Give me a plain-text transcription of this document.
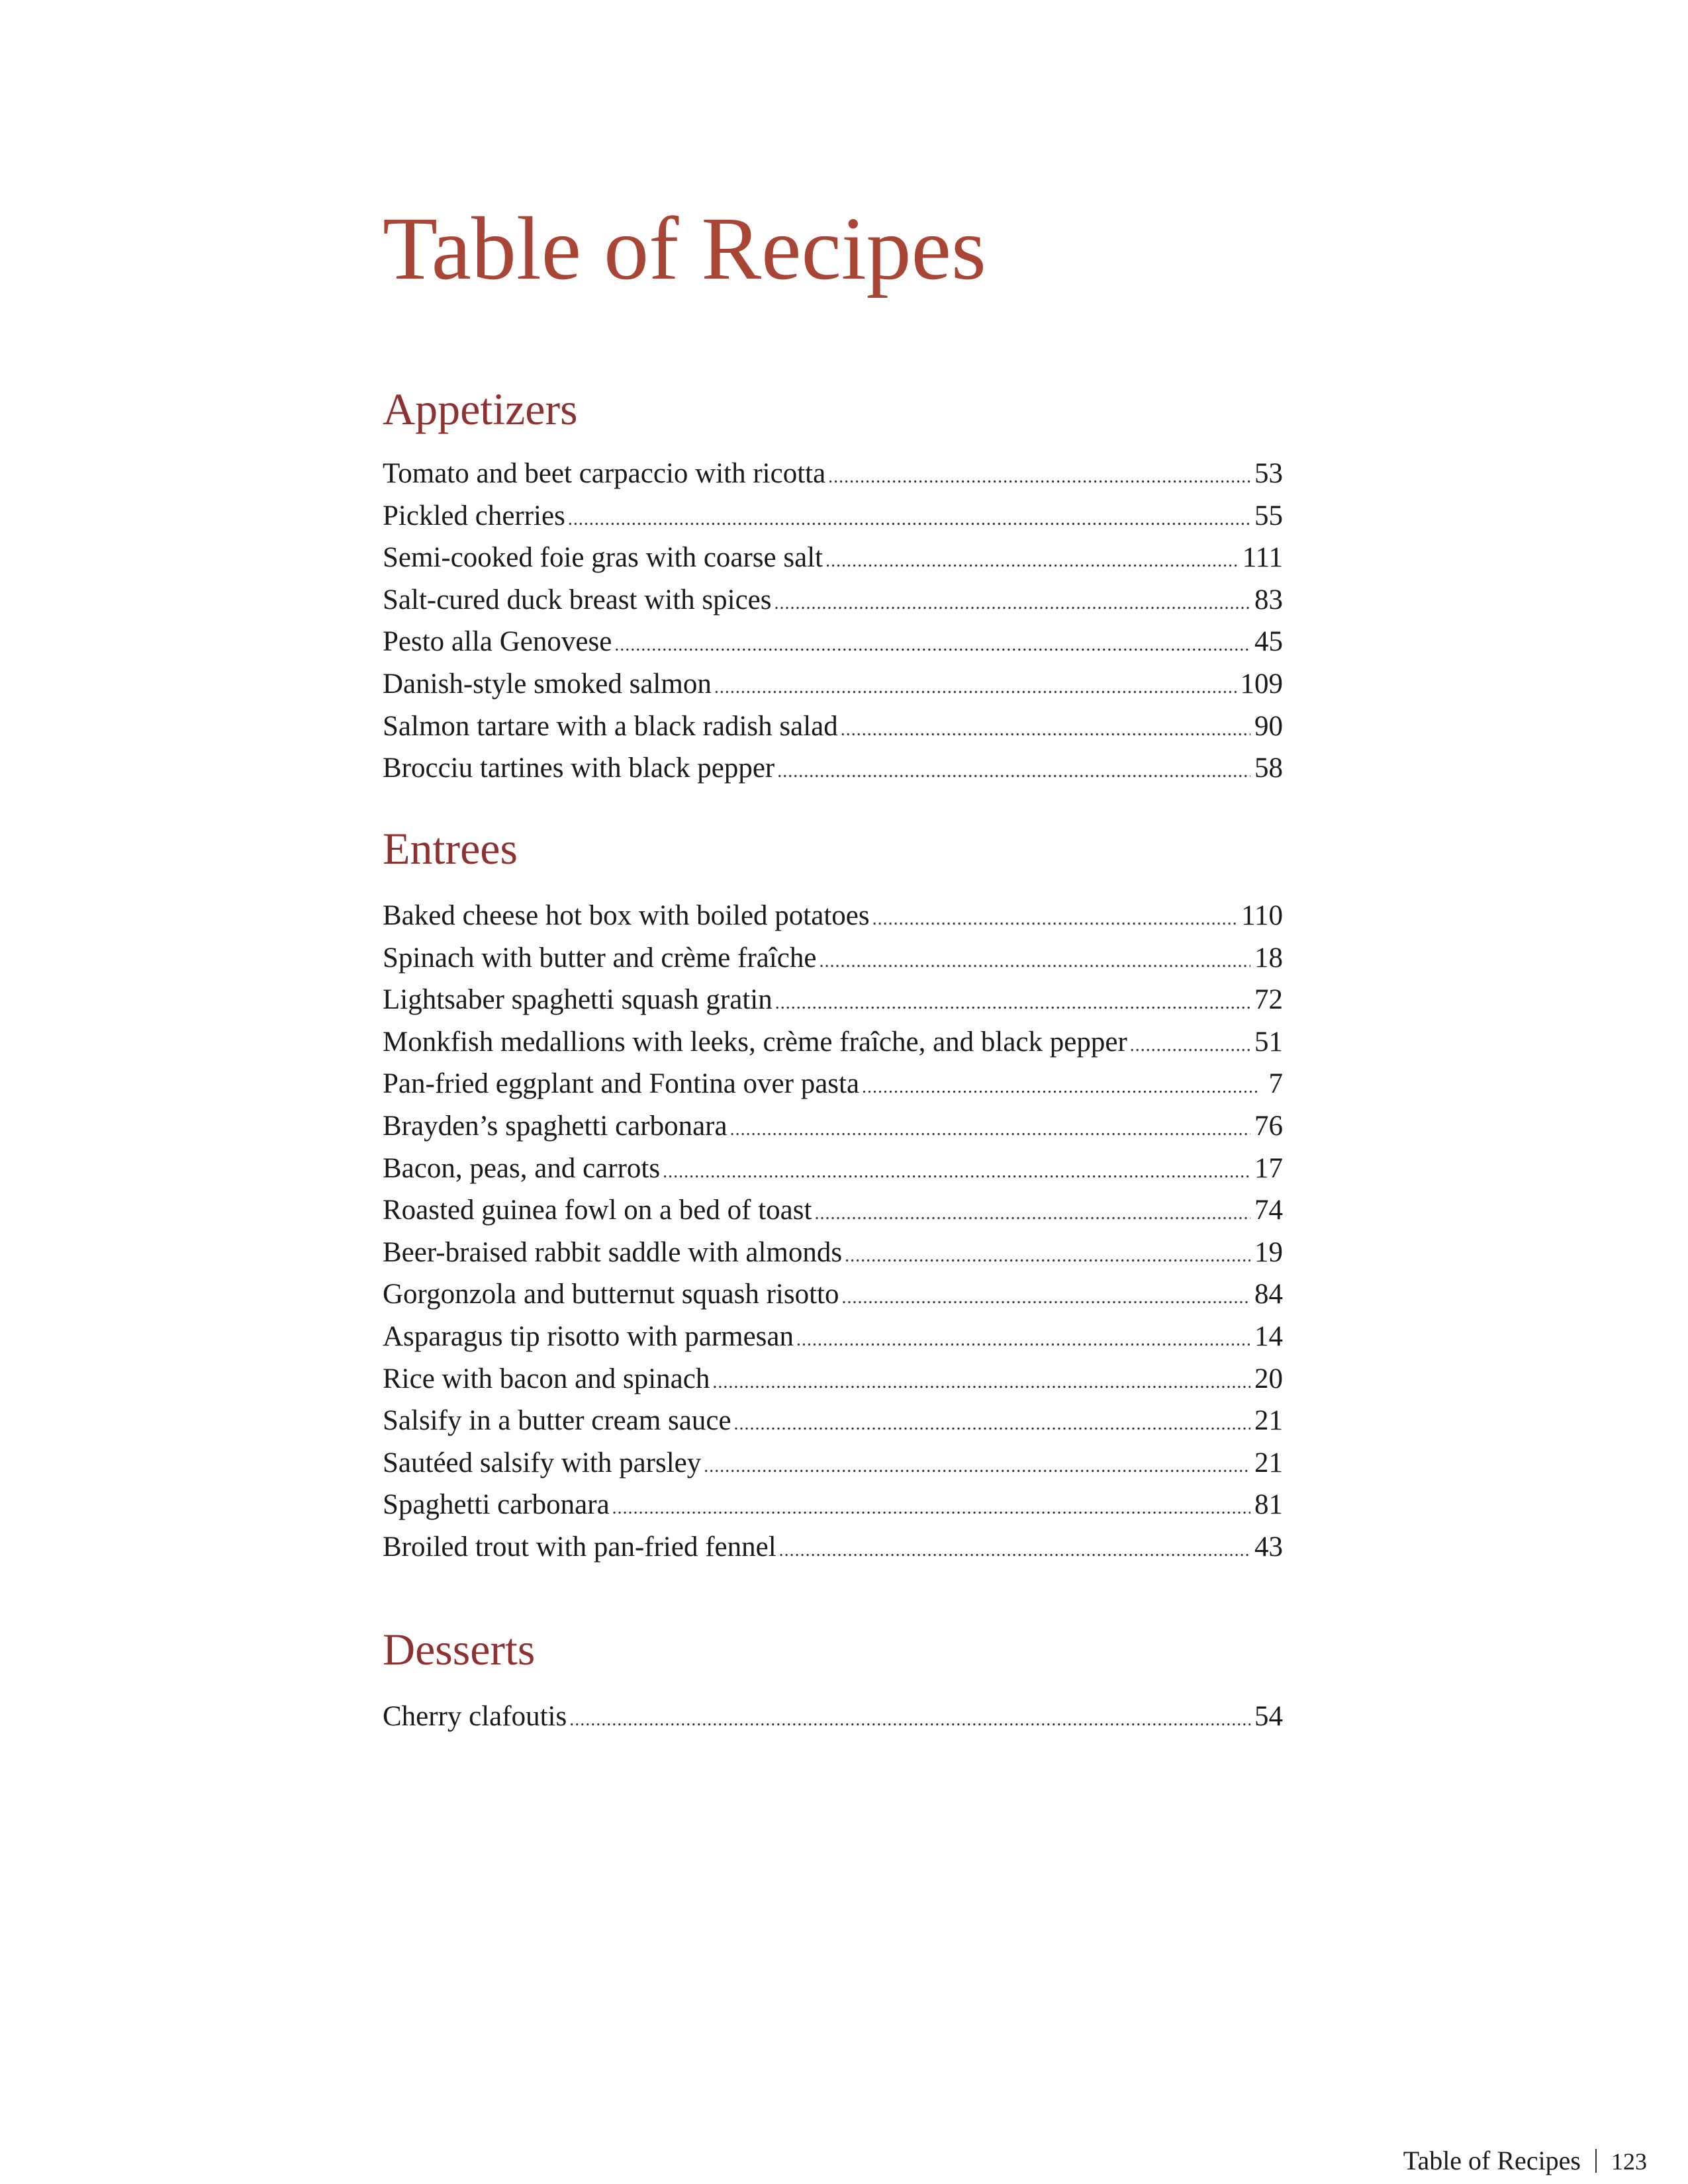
Table of Recipes
Appetizers
Tomato and beet carpaccio with ricotta .....	53
Pickled cherries .....	55
Semi-cooked foie gras with coarse salt .....	111
Salt-cured duck breast with spices .....	83
Pesto alla Genovese .....	45
Danish-style smoked salmon .....	109
Salmon tartare with a black radish salad .....	90
Brocciu tartines with black pepper .....	58
Entrees
Baked cheese hot box with boiled potatoes .....	110
Spinach with butter and crème fraîche .....	18
Lightsaber spaghetti squash gratin .....	72
Monkfish medallions with leeks, crème fraîche, and black pepper .....	51
Pan-fried eggplant and Fontina over pasta .....	7
Brayden’s spaghetti carbonara .....	76
Bacon, peas, and carrots .....	17
Roasted guinea fowl on a bed of toast .....	74
Beer-braised rabbit saddle with almonds .....	19
Gorgonzola and butternut squash risotto .....	84
Asparagus tip risotto with parmesan .....	14
Rice with bacon and spinach .....	20
Salsify in a butter cream sauce .....	21
Sautéed salsify with parsley .....	21
Spaghetti carbonara .....	81
Broiled trout with pan-fried fennel .....	43
Desserts
Cherry clafoutis .....	54
Table of Recipes 123
